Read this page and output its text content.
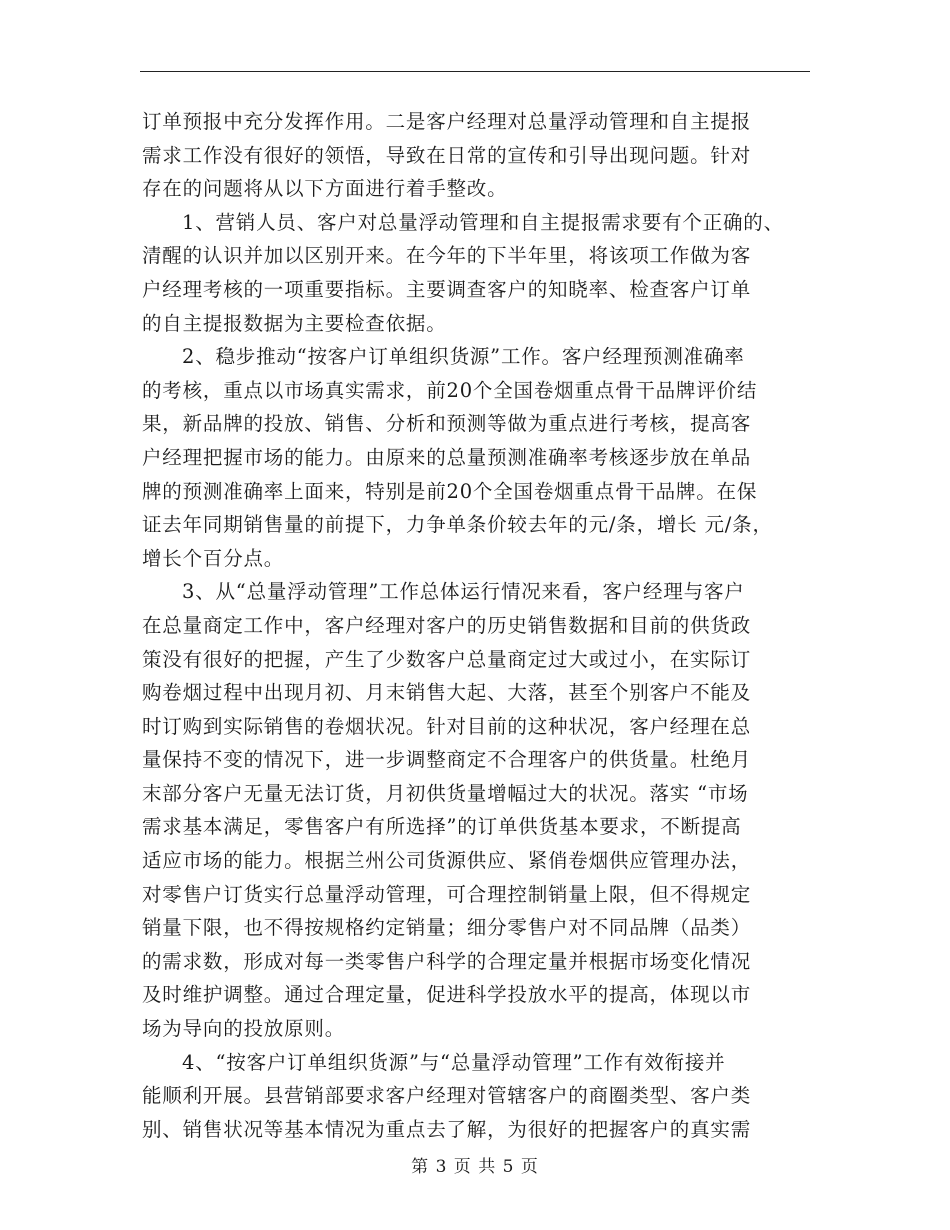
订单预报中充分发挥作用。二是客户经理对总量浮动管理和自主提报
需求工作没有很好的领悟，导致在日常的宣传和引导出现问题。针对
存在的问题将从以下方面进行着手整改。
1、营销人员、客户对总量浮动管理和自主提报需求要有个正确的、
清醒的认识并加以区别开来。在今年的下半年里，将该项工作做为客
户经理考核的一项重要指标。主要调查客户的知晓率、检查客户订单
的自主提报数据为主要检查依据。
2、稳步推动“按客户订单组织货源”工作。客户经理预测准确率
的考核，重点以市场真实需求，前20个全国卷烟重点骨干品牌评价结
果，新品牌的投放、销售、分析和预测等做为重点进行考核，提高客
户经理把握市场的能力。由原来的总量预测准确率考核逐步放在单品
牌的预测准确率上面来，特别是前20个全国卷烟重点骨干品牌。在保
证去年同期销售量的前提下，力争单条价较去年的元/条，增长 元/条，
增长个百分点。
3、从“总量浮动管理”工作总体运行情况来看，客户经理与客户
在总量商定工作中，客户经理对客户的历史销售数据和目前的供货政
策没有很好的把握，产生了少数客户总量商定过大或过小，在实际订
购卷烟过程中出现月初、月末销售大起、大落，甚至个别客户不能及
时订购到实际销售的卷烟状况。针对目前的这种状况，客户经理在总
量保持不变的情况下，进一步调整商定不合理客户的供货量。杜绝月
末部分客户无量无法订货，月初供货量增幅过大的状况。落实 “市场
需求基本满足，零售客户有所选择”的订单供货基本要求，不断提高
适应市场的能力。根据兰州公司货源供应、紧俏卷烟供应管理办法，
对零售户订货实行总量浮动管理，可合理控制销量上限，但不得规定
销量下限，也不得按规格约定销量；细分零售户对不同品牌（品类）
的需求数，形成对每一类零售户科学的合理定量并根据市场变化情况
及时维护调整。通过合理定量，促进科学投放水平的提高，体现以市
场为导向的投放原则。
4、“按客户订单组织货源”与“总量浮动管理”工作有效衔接并
能顺利开展。县营销部要求客户经理对管辖客户的商圈类型、客户类
别、销售状况等基本情况为重点去了解，为很好的把握客户的真实需
第 3 页 共 5 页
